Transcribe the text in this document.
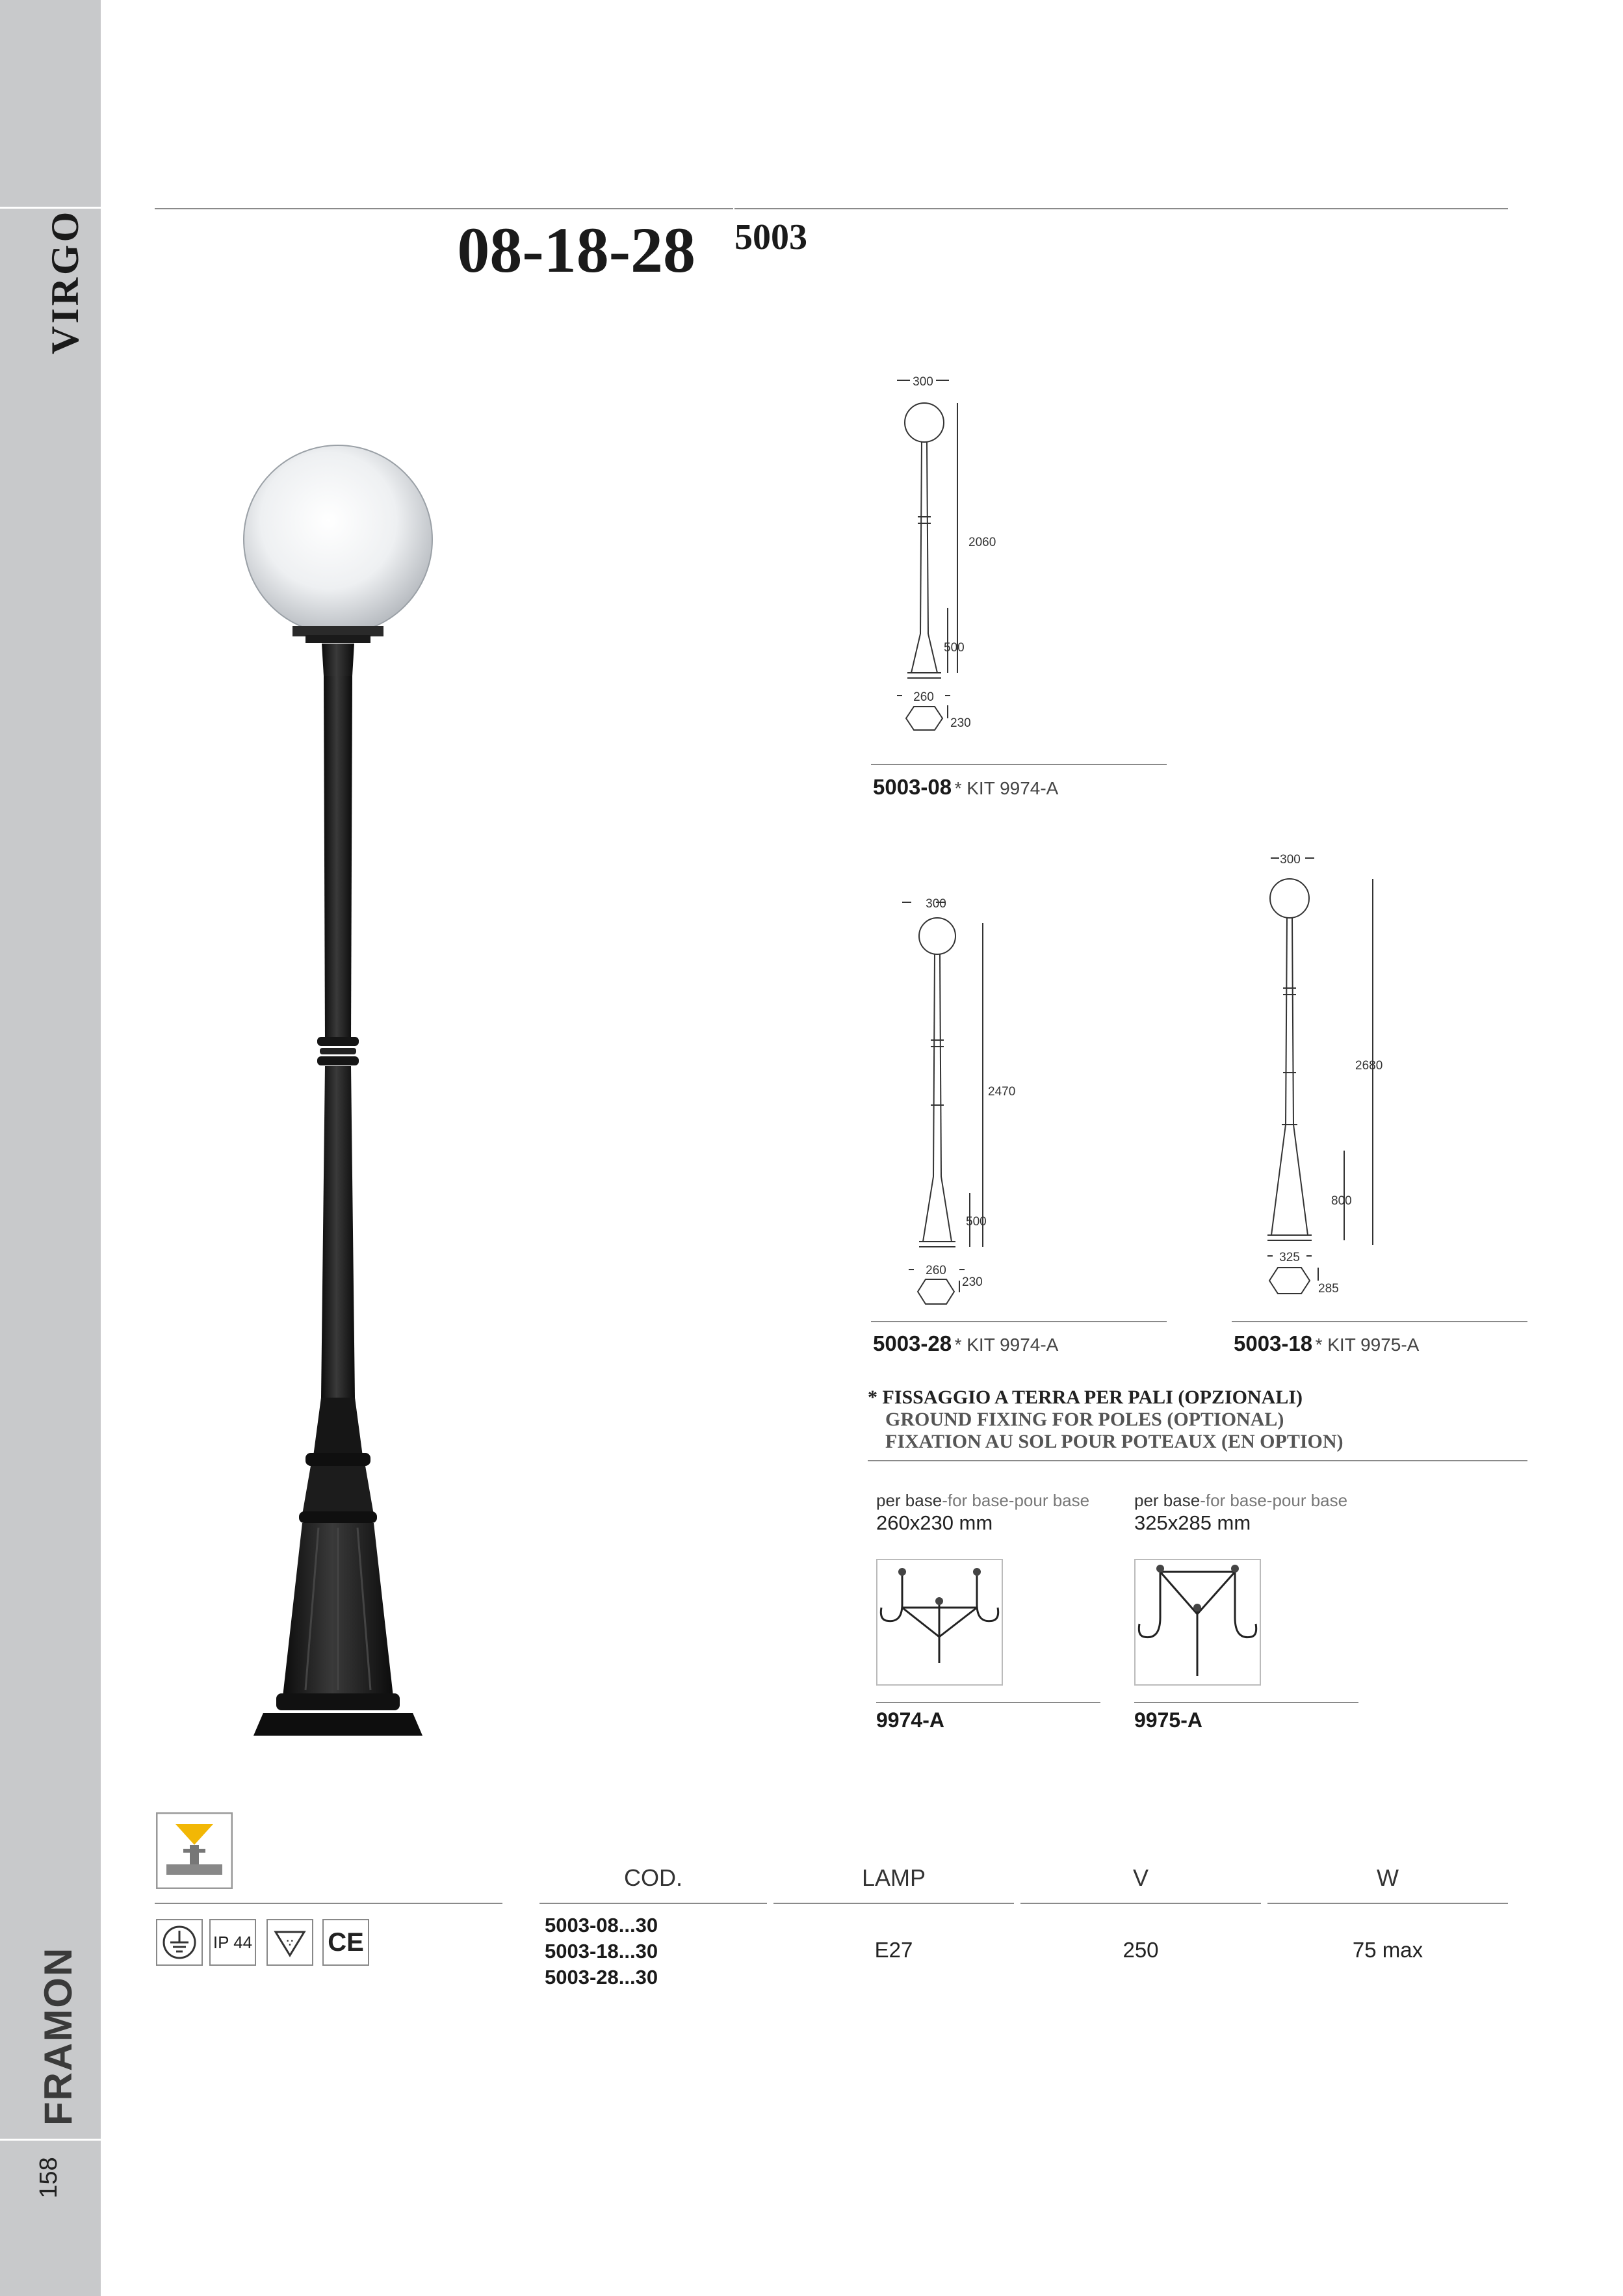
VIRGO
FRAMON
158
08-18-28 5003
300
2060
500
260
230
5003-08 * KIT 9974-A
300
2470
500
260
230
5003-28 * KIT 9974-A
300
2680
800
325
285
5003-18 * KIT 9975-A
* FISSAGGIO A TERRA PER PALI (OPZIONALI)
GROUND FIXING FOR POLES (OPTIONAL)
FIXATION AU SOL POUR POTEAUX (EN OPTION)
per base-for base-pour base
260x230 mm
9974-A
per base-for base-pour base
325x285 mm
9975-A
IP 44	∵ CE
COD.	LAMP	V	W
5003-08...30
5003-18...30
5003-28...30
E27	250	75 max
